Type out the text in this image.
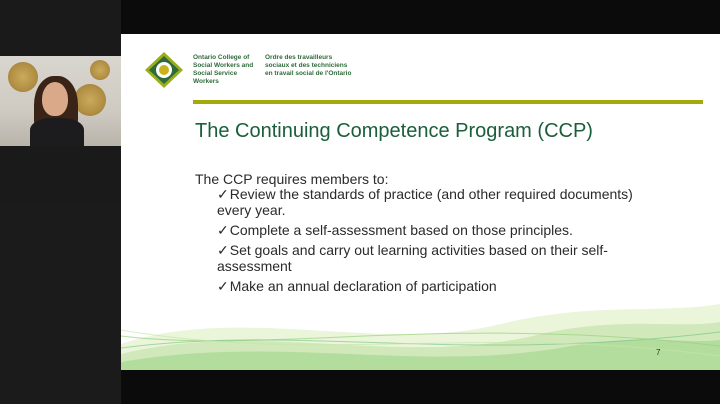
Ontario College of Social Workers and Social Service Workers
Ordre des travailleurs sociaux et des techniciens en travail social de l'Ontario
The Continuing Competence Program (CCP)
The CCP requires members to:
✓Review the standards of practice (and other required documents) every year.
✓Complete a self-assessment based on those principles.
✓Set goals and carry out learning activities based on their self-assessment
✓Make an annual declaration of participation
7
